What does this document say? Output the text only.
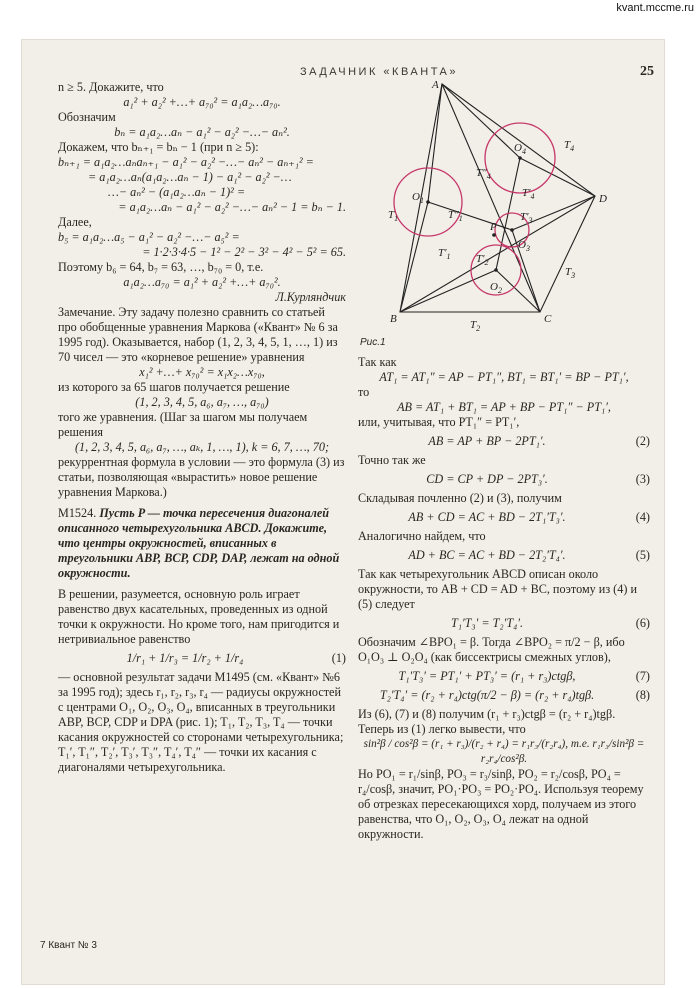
kvant.mccme.ru
ЗАДАЧНИК «КВАНТА»	25

n ≥ 5. Докажите, что

a₁² + a₂² +…+ a₇₀² = a₁a₂…a₇₀.

Обозначим

bₙ = a₁a₂…aₙ − a₁² − a₂² −…− aₙ².

Докажем, что bₙ₊₁ = bₙ − 1 (при n ≥ 5):

bₙ₊₁ = a₁a₂…aₙaₙ₊₁ − a₁² − a₂² −…− aₙ² − aₙ₊₁² =

= a₁a₂…aₙ(a₁a₂…aₙ − 1) − a₁² − a₂² −…

…− aₙ² − (a₁a₂…aₙ − 1)² =

= a₁a₂…aₙ − a₁² − a₂² −…− aₙ² − 1 = bₙ − 1.

Далее,

b₅ = a₁a₂…a₅ − a₁² − a₂² −…− a₅² =

= 1·2·3·4·5 − 1² − 2² − 3² − 4² − 5² = 65.

Поэтому b₆ = 64, b₇ = 63, …, b₇₀ = 0, т.е.

a₁a₂…a₇₀ = a₁² + a₂² +…+ a₇₀².

Л.Курляндчик

Замечание. Эту задачу полезно сравнить со статьей про обобщенные уравнения Маркова («Квант» № 6 за 1995 год). Оказывается, набор (1, 2, 3, 4, 5, 1, …, 1) из 70 чисел — это «корневое решение» уравнения

x₁² +…+ x₇₀² = x₁x₂…x₇₀,

из которого за 65 шагов получается решение

(1, 2, 3, 4, 5, a₆, a₇, …, a₇₀)

того же уравнения. (Шаг за шагом мы получаем решения

(1, 2, 3, 4, 5, a₆, a₇, …, aₖ, 1, …, 1), k = 6, 7, …, 70;

рекуррентная формула в условии — это формула (3) из статьи, позволяющая «вырастить» новое решение уравнения Маркова.)

М1524. Пусть P — точка пересечения диагоналей описанного четырехугольника ABCD. Докажите, что центры окружностей, вписанных в треугольники ABP, BCP, CDP, DAP, лежат на одной окружности.

В решении, разумеется, основную роль играет равенство двух касательных, проведенных из одной точки к окружности. Но кроме того, нам пригодится и нетривиальное равенство

1/r₁ + 1/r₃ = 1/r₂ + 1/r₄	(1)

— основной результат задачи М1495 (см. «Квант» №6 за 1995 год); здесь r₁, r₂, r₃, r₄ — радиусы окружностей с центрами O₁, O₂, O₃, O₄, вписанных в треугольники ABP, BCP, CDP и DPA (рис. 1); T₁, T₂, T₃, T₄ — точки касания окружностей со сторонами четырехугольника; T₁′, T₁″, T₂′, T₃′, T₃″, T₄′, T₄″ — точки их касания с диагоналями четырехугольника.

A
B	C
D
P
$O_1$
$O_2$
$O_3$
$O_4$
$T_1$
$T_2$
$T_3$
$T_4$
$T''_4$
$T''_1$
$T'_1$ $T'_2$
$T'_3$
$T'_4$
Рис.1

Так как

AT₁ = AT₁″ = AP − PT₁″, BT₁ = BT₁′ = BP − PT₁′,

то

AB = AT₁ + BT₁ = AP + BP − PT₁″ − PT₁′,

или, учитывая, что PT₁″ = PT₁′,

AB = AP + BP − 2PT₁′.	(2)

Точно так же

CD = CP + DP − 2PT₃′.	(3)

Складывая почленно (2) и (3), получим

AB + CD = AC + BD − 2T₁′T₃′.	(4)

Аналогично найдем, что

AD + BC = AC + BD − 2T₂′T₄′.	(5)

Так как четырехугольник ABCD описан около окружности, то AB + CD = AD + BC, поэтому из (4) и (5) следует

T₁′T₃′ = T₂′T₄′.	(6)

Обозначим ∠BPO₁ = β. Тогда ∠BPO₂ = π/2 − β, ибо O₁O₃ ⊥ O₂O₄ (как биссектрисы смежных углов),

T₁′T₃′ = PT₁′ + PT₃′ = (r₁ + r₃)ctgβ,	(7)
T₂′T₄′ = (r₂ + r₄)ctg(π/2 − β) = (r₂ + r₄)tgβ.	(8)

Из (6), (7) и (8) получим (r₁ + r₃)ctgβ = (r₂ + r₄)tgβ. Теперь из (1) легко вывести, что

sin²β / cos²β = (r₁ + r₃)/(r₂ + r₄) = r₁r₃/(r₂r₄), т.е. r₁r₃/sin²β = r₂r₄/cos²β.

Но PO₁ = r₁/sinβ, PO₃ = r₃/sinβ, PO₂ = r₂/cosβ, PO₄ = r₄/cosβ, значит, PO₁·PO₃ = PO₂·PO₄. Используя теорему об отрезках пересекающихся хорд, получаем из этого равенства, что O₁, O₂, O₃, O₄ лежат на одной окружности.

7 Квант № 3
